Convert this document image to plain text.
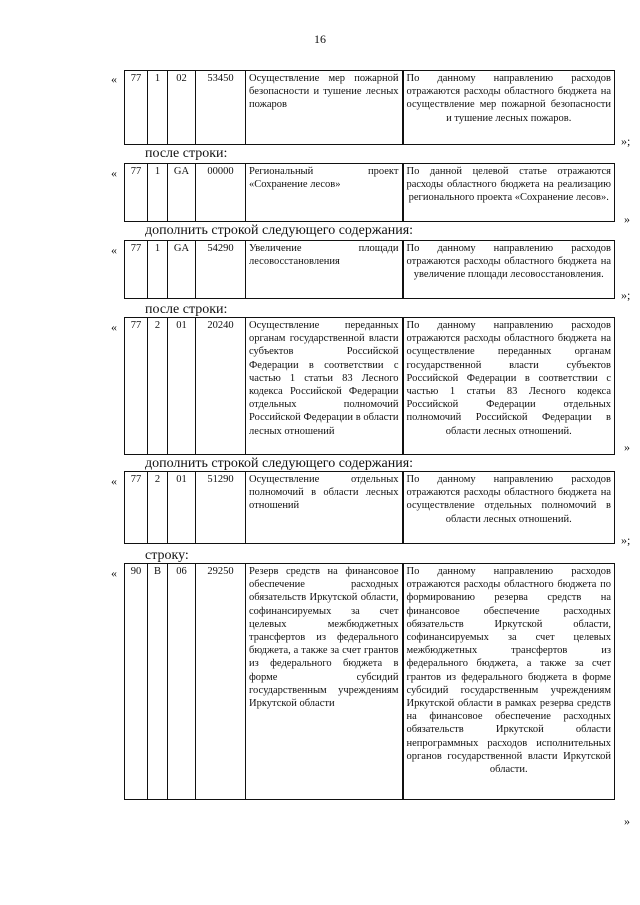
16
« 77	1	02	53450	Осуществление мер пожарной безопасности и тушение лесных пожаров	По данному направлению расходов отражаются расходы областного бюджета на осуществление мер пожарной безопасности и тушение лесных пожаров.
»;
после строки:
« 77	1	GA	00000	Региональный проект «Сохранение лесов»	По данной целевой статье отражаются расходы областного бюджета на реализацию регионального проекта «Сохранение лесов».
»
дополнить строкой следующего содержания:
« 77	1	GA	54290	Увеличение площади лесовосстановления	По данному направлению расходов отражаются расходы областного бюджета на увеличение площади лесовосстановления.
»;
после строки:
« 77	2	01	20240	Осуществление переданных органам государственной власти субъектов Российской Федерации в соответствии с частью 1 статьи 83 Лесного кодекса Российской Федерации отдельных полномочий Российской Федерации в области лесных отношений	По данному направлению расходов отражаются расходы областного бюджета на осуществление переданных органам государственной власти субъектов Российской Федерации в соответствии с частью 1 статьи 83 Лесного кодекса Российской Федерации отдельных полномочий Российской Федерации в области лесных отношений.
»
дополнить строкой следующего содержания:
« 77	2	01	51290	Осуществление отдельных полномочий в области лесных отношений	По данному направлению расходов отражаются расходы областного бюджета на осуществление отдельных полномочий в области лесных отношений.
»;
строку:
« 90	В	06	29250	Резерв средств на финансовое обеспечение расходных обязательств Иркутской области, софинансируемых за счет целевых межбюджетных трансфертов из федерального бюджета, а также за счет грантов из федерального бюджета в форме субсидий государственным учреждениям Иркутской области	По данному направлению расходов отражаются расходы областного бюджета по формированию резерва средств на финансовое обеспечение расходных обязательств Иркутской области, софинансируемых за счет целевых межбюджетных трансфертов из федерального бюджета, а также за счет грантов из федерального бюджета в форме субсидий государственным учреждениям Иркутской области в рамках резерва средств на финансовое обеспечение расходных обязательств Иркутской области непрограммных расходов исполнительных органов государственной власти Иркутской области.
»
